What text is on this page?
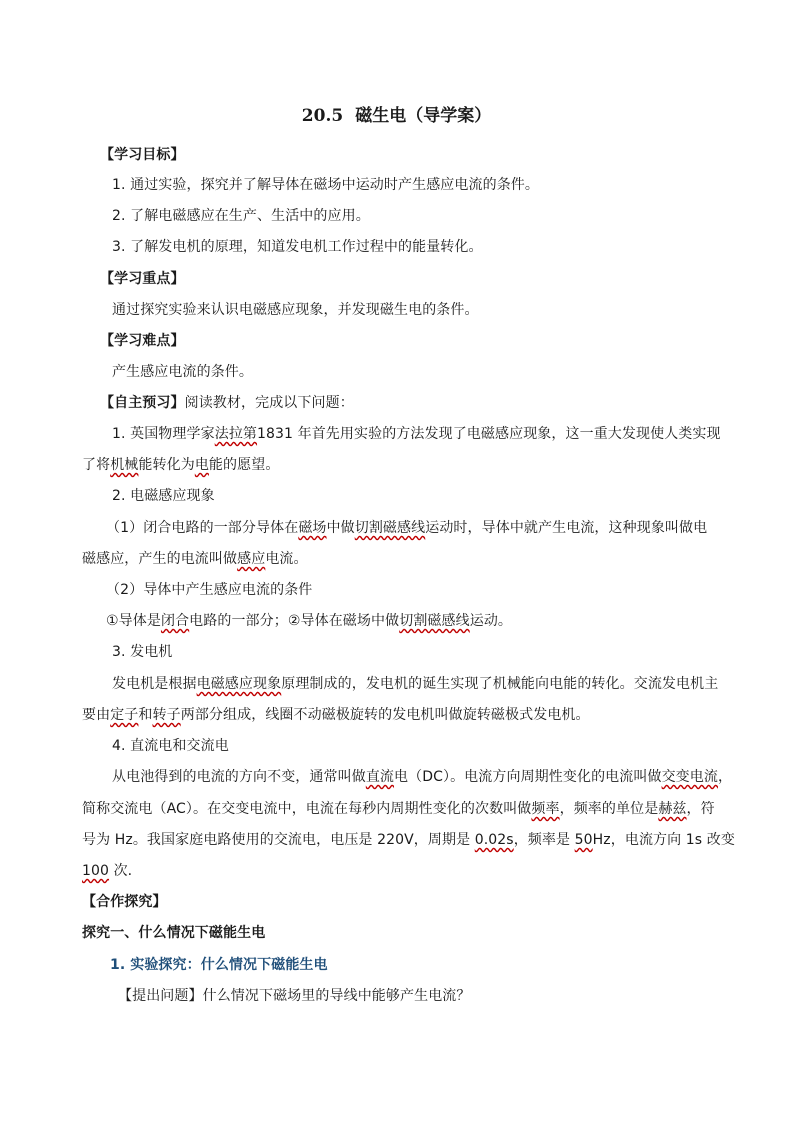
20.5 磁生电（导学案）
【学习目标】
1. 通过实验，探究并了解导体在磁场中运动时产生感应电流的条件。
2. 了解电磁感应在生产、生活中的应用。
3. 了解发电机的原理，知道发电机工作过程中的能量转化。
【学习重点】
通过探究实验来认识电磁感应现象，并发现磁生电的条件。
【学习难点】
产生感应电流的条件。
【自主预习】阅读教材，完成以下问题：
1. 英国物理学家法拉第1831 年首先用实验的方法发现了电磁感应现象，这一重大发现使人类实现
了将机械能转化为电能的愿望。
2. 电磁感应现象
（1）闭合电路的一部分导体在磁场中做切割磁感线运动时，导体中就产生电流，这种现象叫做电
磁感应，产生的电流叫做感应电流。
（2）导体中产生感应电流的条件
①导体是闭合电路的一部分；②导体在磁场中做切割磁感线运动。
3. 发电机
发电机是根据电磁感应现象原理制成的，发电机的诞生实现了机械能向电能的转化。交流发电机主
要由定子和转子两部分组成，线圈不动磁极旋转的发电机叫做旋转磁极式发电机。
4. 直流电和交流电
从电池得到的电流的方向不变，通常叫做直流电（DC）。电流方向周期性变化的电流叫做交变电流，
简称交流电（AC）。在交变电流中，电流在每秒内周期性变化的次数叫做频率，频率的单位是赫兹，符
号为 Hz。我国家庭电路使用的交流电，电压是 220V，周期是 0.02s，频率是 50Hz，电流方向 1s 改变
100 次.
【合作探究】
探究一、什么情况下磁能生电
1. 实验探究：什么情况下磁能生电
【提出问题】什么情况下磁场里的导线中能够产生电流？
